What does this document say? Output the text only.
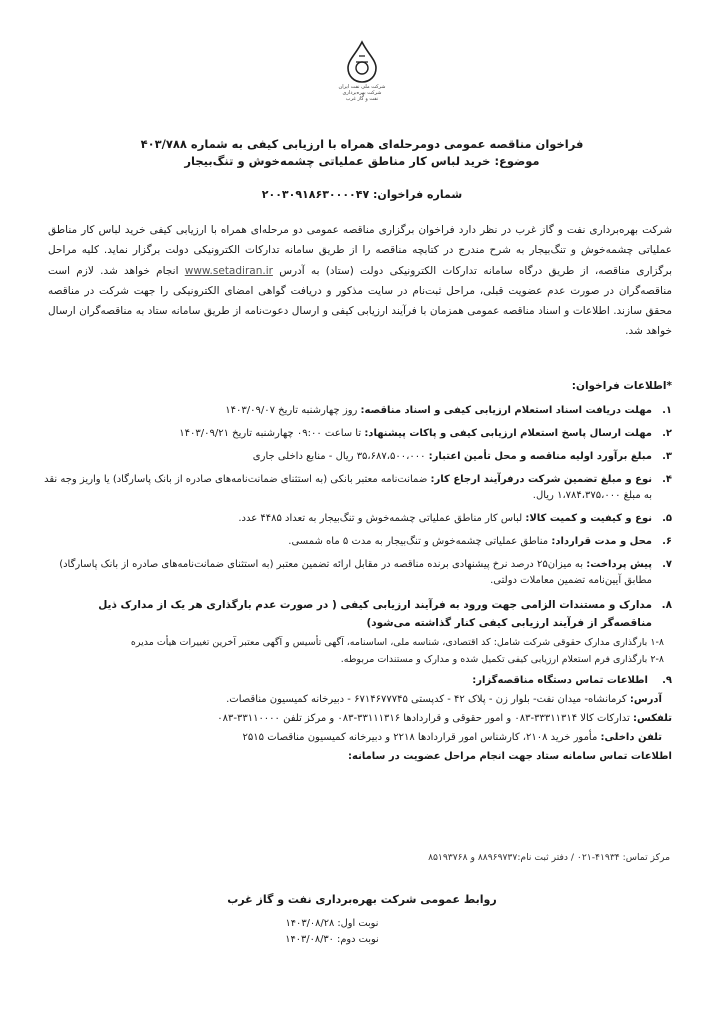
شرکت ملی نفت ایران
شرکت بهره‌برداری نفت و گاز غرب
فراخوان مناقصه عمومی دومرحله‌ای همراه با ارزیابی کیفی به شماره ۴۰۳/۷۸۸
موضوع: خرید لباس کار مناطق عملیاتی چشمه‌خوش و تنگ‌بیجار
شماره فراخوان: ۲۰۰۳۰۹۱۸۶۳۰۰۰۰۴۷
شرکت بهره‌برداری نفت و گاز غرب در نظر دارد فراخوان برگزاری مناقصه عمومی دو مرحله‌ای همراه با ارزیابی کیفی خرید لباس کار مناطق عملیاتی چشمه‌خوش و تنگ‌بیجار به شرح مندرج در کتابچه مناقصه را از طریق سامانه تدارکات الکترونیکی دولت برگزار نماید. کلیه مراحل برگزاری مناقصه، از طریق درگاه سامانه تدارکات الکترونیکی دولت (ستاد) به آدرس www.setadiran.ir انجام خواهد شد. لازم است مناقصه‌گران در صورت عدم عضویت قبلی، مراحل ثبت‌نام در سایت مذکور و دریافت گواهی امضای الکترونیکی را جهت شرکت در مناقصه محقق سازند. اطلاعات و اسناد مناقصه عمومی همزمان با فرآیند ارزیابی کیفی و ارسال دعوت‌نامه از طریق سامانه ستاد به مناقصه‌گران ارسال خواهد شد.
*اطلاعات فراخوان:
۱.
مهلت دریافت اسناد استعلام ارزیابی کیفی و اسناد مناقصه: روز چهارشنبه تاریخ ۱۴۰۳/۰۹/۰۷
۲.
مهلت ارسال پاسخ استعلام ارزیابی کیفی و پاکات پیشنهاد: تا ساعت ۰۹:۰۰ چهارشنبه تاریخ ۱۴۰۳/۰۹/۲۱
۳.
مبلغ برآورد اولیه مناقصه و محل تأمین اعتبار: ۳۵،۶۸۷،۵۰۰،۰۰۰ ریال - منابع داخلی جاری
۴.
نوع و مبلغ تضمین شرکت درفرآیند ارجاع کار: ضمانت‌نامه معتبر بانکی (به استثنای ضمانت‌نامه‌های صادره از بانک پاسارگاد) یا واریز وجه نقد به مبلغ ۱،۷۸۴،۳۷۵،۰۰۰ ریال.
۵.
نوع و کیفیت و کمیت کالا: لباس کار مناطق عملیاتی چشمه‌خوش و تنگ‌بیجار به تعداد ۴۴۸۵ عدد.
۶.
محل و مدت قرارداد: مناطق عملیاتی چشمه‌خوش و تنگ‌بیجار به مدت ۵ ماه شمسی.
۷.
پیش پرداخت: به میزان۲۵ درصد نرخ پیشنهادی برنده مناقصه در مقابل ارائه تضمین معتبر (به استثنای ضمانت‌نامه‌های صادره از بانک پاسارگاد) مطابق آیین‌نامه تضمین معاملات دولتی.
۸.
مدارک و مستندات الزامی جهت ورود به فرآیند ارزیابی کیفی ( در صورت عدم بارگذاری هر یک از مدارک ذیل مناقصه‌گر از فرآیند ارزیابی کیفی کنار گذاشته می‌شود)
۱-۸ بارگذاری مدارک حقوقی شرکت شامل: کد اقتصادی، شناسه ملی، اساسنامه، آگهی تأسیس و آگهی معتبر آخرین تغییرات هیأت مدیره
۲-۸ بارگذاری فرم استعلام ارزیابی کیفی تکمیل شده و مدارک و مستندات مربوطه.
۹.
اطلاعات تماس دستگاه مناقصه‌گزار:
آدرس: کرمانشاه- میدان نفت- بلوار زن - پلاک ۴۲ - کدپستی ۶۷۱۴۶۷۷۷۴۵ - دبیرخانه کمیسیون مناقصات.
تلفکس: تدارکات کالا ۳۳۳۱۱۳۱۴-۰۸۳ و امور حقوقی و قراردادها ۳۳۱۱۱۳۱۶-۰۸۳ و مرکز تلفن ۳۳۱۱۰۰۰۰-۰۸۳
تلفن داخلی: مأمور خرید ۲۱۰۸، کارشناس امور قراردادها ۲۲۱۸ و دبیرخانه کمیسیون مناقصات ۲۵۱۵
اطلاعات تماس سامانه ستاد جهت انجام مراحل عضویت در سامانه:
مرکز تماس: ۴۱۹۳۴-۰۲۱ / دفتر ثبت نام:۸۸۹۶۹۷۳۷ و ۸۵۱۹۳۷۶۸
روابط عمومی شرکت بهره‌برداری نفت و گاز غرب
نوبت اول: ۱۴۰۳/۰۸/۲۸
نوبت دوم: ۱۴۰۳/۰۸/۳۰
